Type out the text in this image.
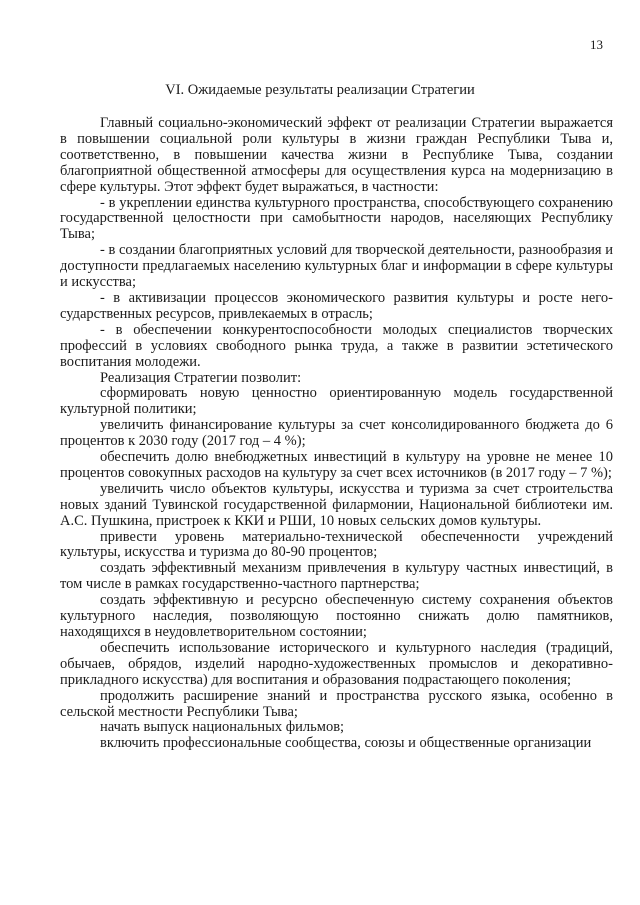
13
VI. Ожидаемые результаты реализации Стратегии

Главный социально-экономический эффект от реализации Стратегии выражается в повышении социальной роли культуры в жизни граждан Республики Тыва и, соответственно, в повышении качества жизни в Республике Тыва, создании благоприятной общественной атмосферы для осуществления курса на модернизацию в сфере культуры. Этот эффект будет выражаться, в частности:

- в укреплении единства культурного пространства, способствующего сохранению государственной целостности при самобытности народов, населяющих Республику Тыва;

- в создании благоприятных условий для творческой деятельности, разнообразия и доступности предлагаемых населению культурных благ и информации в сфере культуры и искусства;

- в активизации процессов экономического развития культуры и росте негосударственных ресурсов, привлекаемых в отрасль;

- в обеспечении конкурентоспособности молодых специалистов творческих профессий в условиях свободного рынка труда, а также в развитии эстетического воспитания молодежи.

Реализация Стратегии позволит:

сформировать новую ценностно ориентированную модель государственной культурной политики;

увеличить финансирование культуры за счет консолидированного бюджета до 6 процентов к 2030 году (2017 год – 4 %);

обеспечить долю внебюджетных инвестиций в культуру на уровне не менее 10 процентов совокупных расходов на культуру за счет всех источников (в 2017 году – 7 %);

увеличить число объектов культуры, искусства и туризма за счет строительства новых зданий Тувинской государственной филармонии, Национальной библиотеки им. А.С. Пушкина, пристроек к ККИ и РШИ, 10 новых сельских домов культуры.

привести уровень материально-технической обеспеченности учреждений культуры, искусства и туризма до 80-90 процентов;

создать эффективный механизм привлечения в культуру частных инвестиций, в том числе в рамках государственно-частного партнерства;

создать эффективную и ресурсно обеспеченную систему сохранения объектов культурного наследия, позволяющую постоянно снижать долю памятников, находящихся в неудовлетворительном состоянии;

обеспечить использование исторического и культурного наследия (традиций, обычаев, обрядов, изделий народно-художественных промыслов и декоративно-прикладного искусства) для воспитания и образования подрастающего поколения;

продолжить расширение знаний и пространства русского языка, особенно в сельской местности Республики Тыва;

начать выпуск национальных фильмов;

включить профессиональные сообщества, союзы и общественные организации
